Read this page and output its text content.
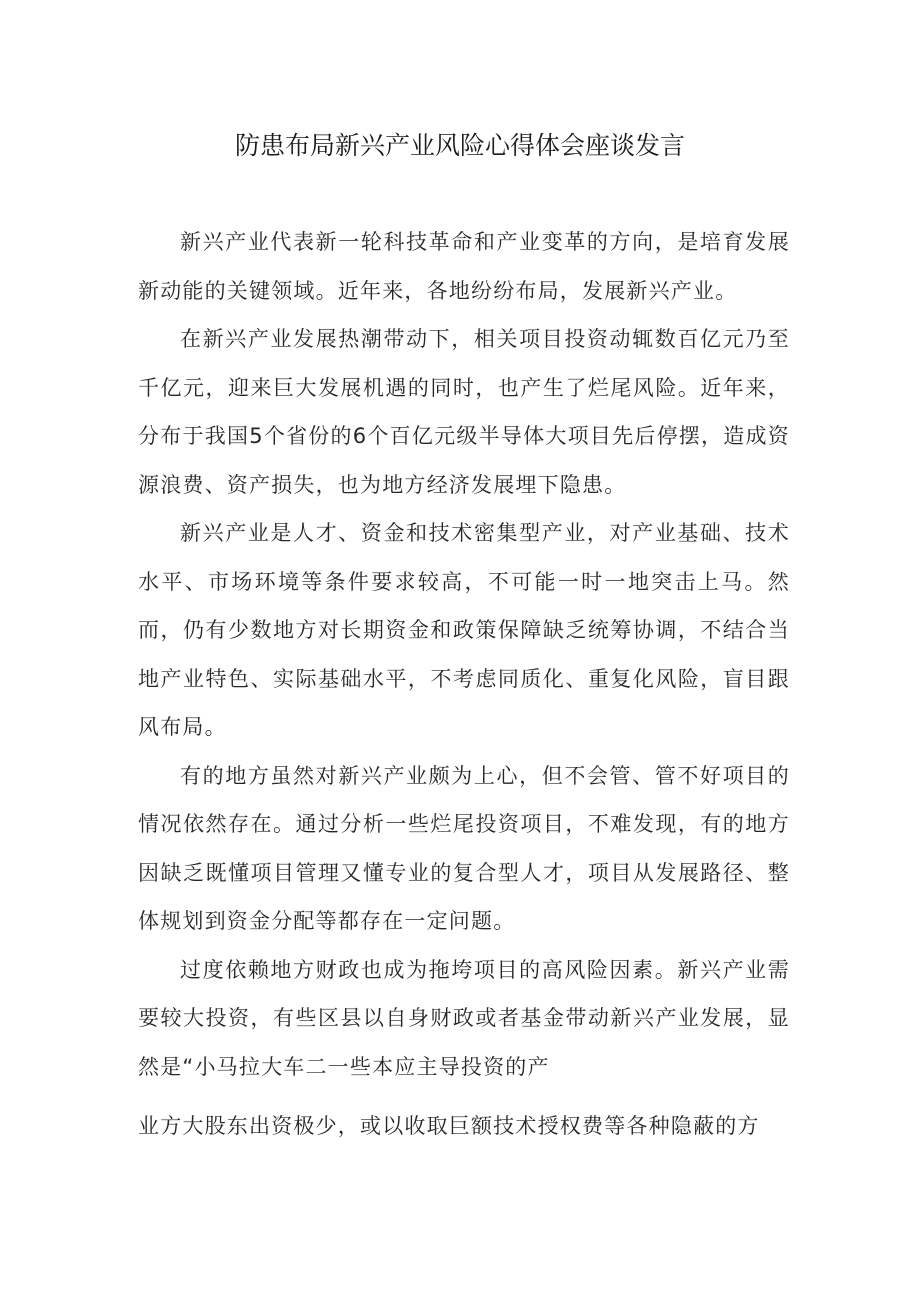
防患布局新兴产业风险心得体会座谈发言

新兴产业代表新一轮科技革命和产业变革的方向，是培育发展新动能的关键领域。近年来，各地纷纷布局，发展新兴产业。

在新兴产业发展热潮带动下，相关项目投资动辄数百亿元乃至千亿元，迎来巨大发展机遇的同时，也产生了烂尾风险。近年来，分布于我国5个省份的6个百亿元级半导体大项目先后停摆，造成资源浪费、资产损失，也为地方经济发展埋下隐患。

新兴产业是人才、资金和技术密集型产业，对产业基础、技术水平、市场环境等条件要求较高，不可能一时一地突击上马。然而，仍有少数地方对长期资金和政策保障缺乏统筹协调，不结合当地产业特色、实际基础水平，不考虑同质化、重复化风险，盲目跟风布局。

有的地方虽然对新兴产业颇为上心，但不会管、管不好项目的情况依然存在。通过分析一些烂尾投资项目，不难发现，有的地方因缺乏既懂项目管理又懂专业的复合型人才，项目从发展路径、整体规划到资金分配等都存在一定问题。

过度依赖地方财政也成为拖垮项目的高风险因素。新兴产业需要较大投资，有些区县以自身财政或者基金带动新兴产业发展，显然是“小马拉大车二一些本应主导投资的产

业方大股东出资极少，或以收取巨额技术授权费等各种隐蔽的方
